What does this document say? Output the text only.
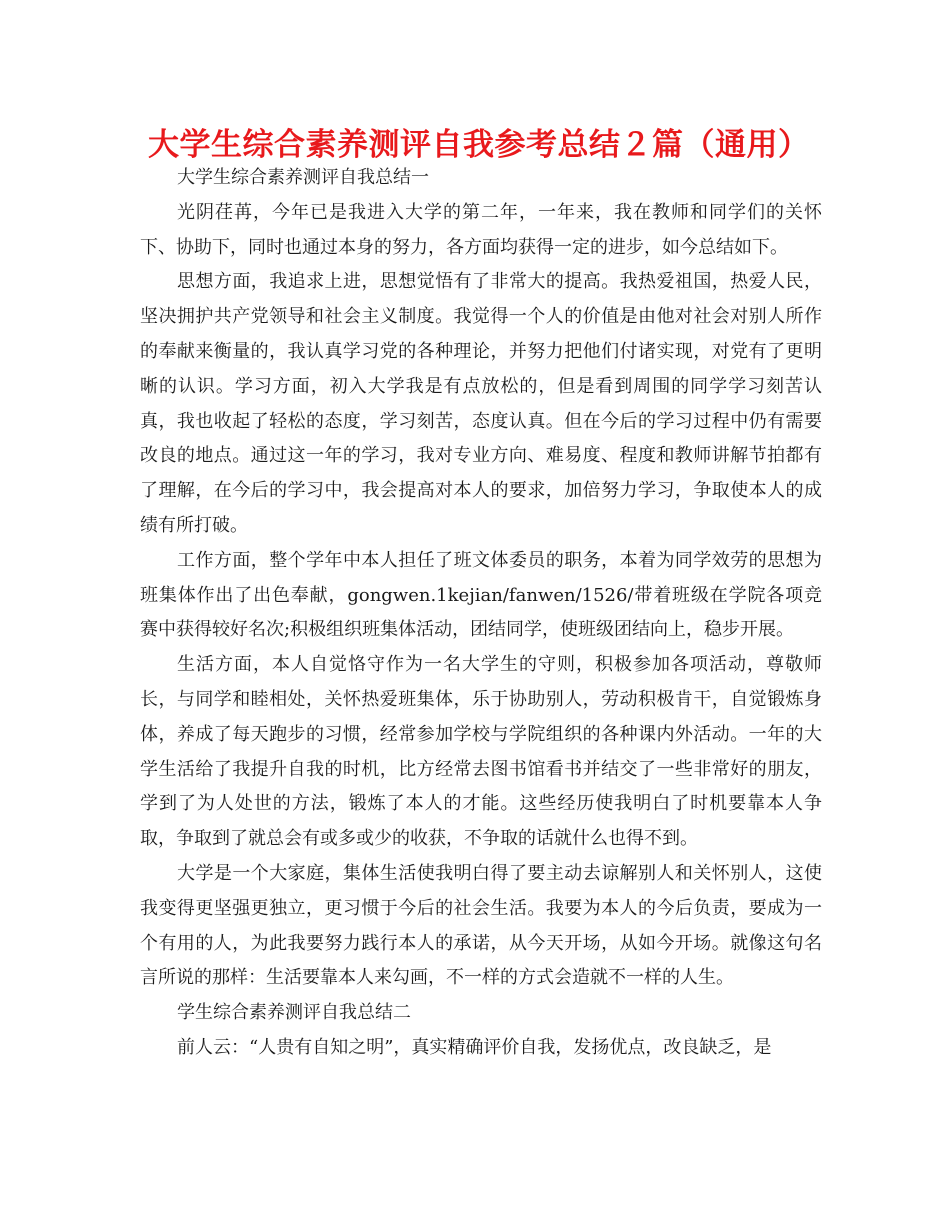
大学生综合素养测评自我参考总结２篇（通用）

大学生综合素养测评自我总结一

光阴荏苒，今年已是我进入大学的第二年，一年来，我在教师和同学们的关怀下、协助下，同时也通过本身的努力，各方面均获得一定的进步，如今总结如下。

思想方面，我追求上进，思想觉悟有了非常大的提高。我热爱祖国，热爱人民，坚决拥护共产党领导和社会主义制度。我觉得一个人的价值是由他对社会对别人所作的奉献来衡量的，我认真学习党的各种理论，并努力把他们付诸实现，对党有了更明晰的认识。学习方面，初入大学我是有点放松的，但是看到周围的同学学习刻苦认真，我也收起了轻松的态度，学习刻苦，态度认真。但在今后的学习过程中仍有需要改良的地点。通过这一年的学习，我对专业方向、难易度、程度和教师讲解节拍都有了理解，在今后的学习中，我会提高对本人的要求，加倍努力学习，争取使本人的成绩有所打破。

工作方面，整个学年中本人担任了班文体委员的职务，本着为同学效劳的思想为班集体作出了出色奉献，gongwen.1kejian/fanwen/1526/带着班级在学院各项竞赛中获得较好名次;积极组织班集体活动，团结同学，使班级团结向上，稳步开展。

生活方面，本人自觉恪守作为一名大学生的守则，积极参加各项活动，尊敬师长，与同学和睦相处，关怀热爱班集体，乐于协助别人，劳动积极肯干，自觉锻炼身体，养成了每天跑步的习惯，经常参加学校与学院组织的各种课内外活动。一年的大学生活给了我提升自我的时机，比方经常去图书馆看书并结交了一些非常好的朋友，学到了为人处世的方法，锻炼了本人的才能。这些经历使我明白了时机要靠本人争取，争取到了就总会有或多或少的收获，不争取的话就什么也得不到。

大学是一个大家庭，集体生活使我明白得了要主动去谅解别人和关怀别人，这使我变得更坚强更独立，更习惯于今后的社会生活。我要为本人的今后负责，要成为一个有用的人，为此我要努力践行本人的承诺，从今天开场，从如今开场。就像这句名言所说的那样：生活要靠本人来勾画，不一样的方式会造就不一样的人生。

学生综合素养测评自我总结二

前人云：“人贵有自知之明”，真实精确评价自我，发扬优点，改良缺乏，是
